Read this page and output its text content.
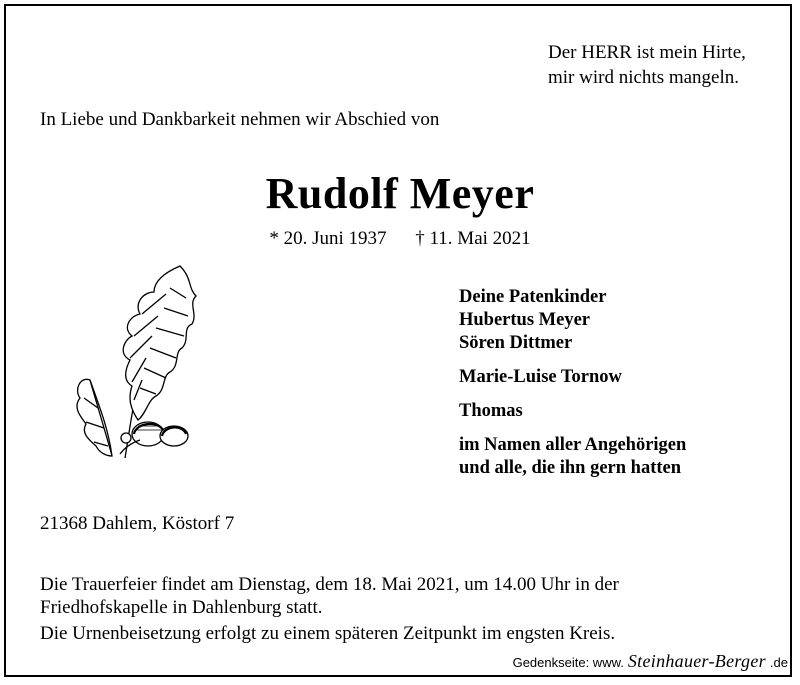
Der HERR ist mein Hirte,
mir wird nichts mangeln.
In Liebe und Dankbarkeit nehmen wir Abschied von
Rudolf Meyer
* 20. Juni 1937 † 11. Mai 2021
Deine Patenkinder
Hubertus Meyer
Sören Dittmer
Marie-Luise Tornow
Thomas
im Namen aller Angehörigen
und alle, die ihn gern hatten
21368 Dahlem, Köstorf 7
Die Trauerfeier findet am Dienstag, dem 18. Mai 2021, um 14.00 Uhr in der
Friedhofskapelle in Dahlenburg statt.
Die Urnenbeisetzung erfolgt zu einem späteren Zeitpunkt im engsten Kreis.
Gedenkseite: www. Steinhauer-Berger .de
